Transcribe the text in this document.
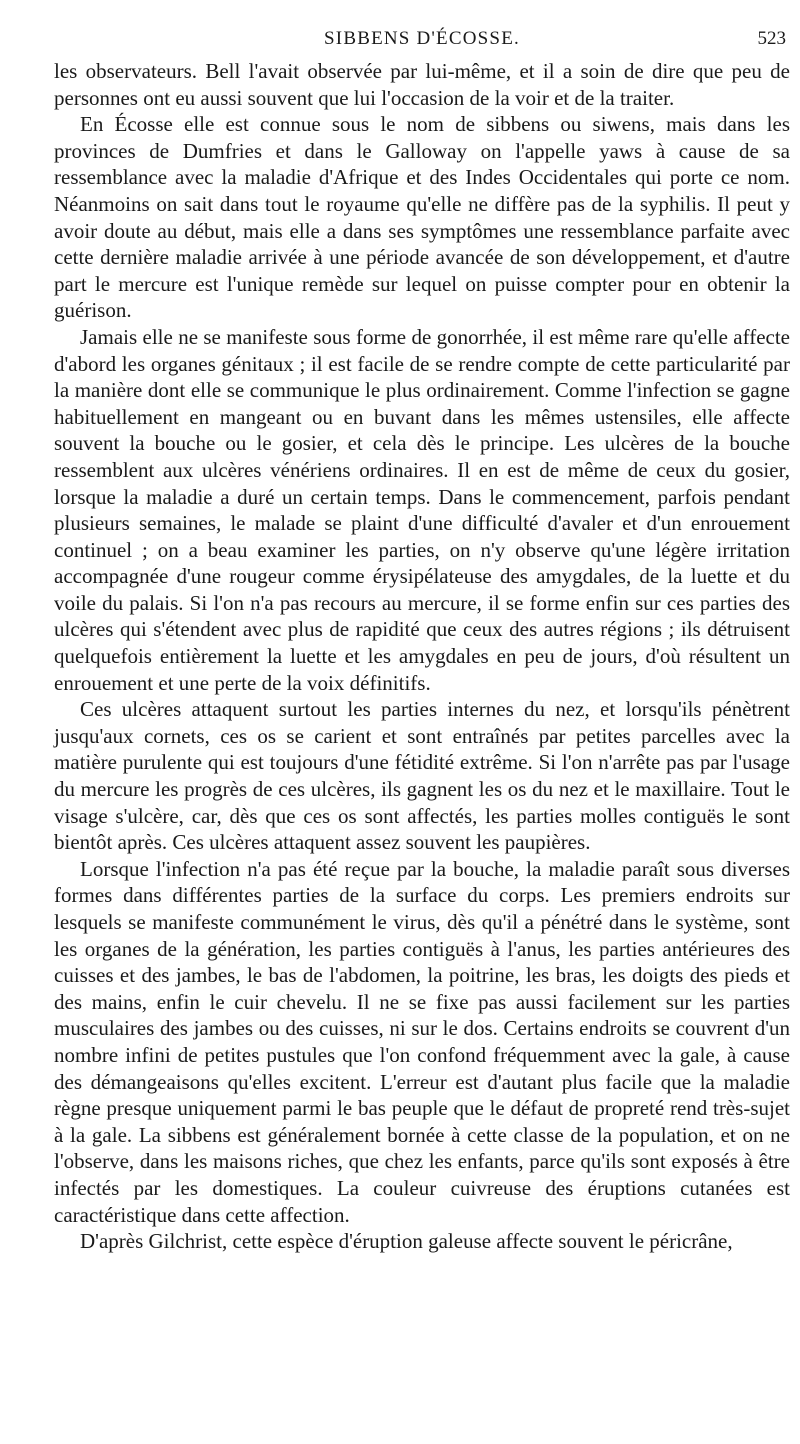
SIBBENS D'ÉCOSSE.	523

les observateurs. Bell l'avait observée par lui-même, et il a soin de dire que peu de personnes ont eu aussi souvent que lui l'occasion de la voir et de la traiter.

En Écosse elle est connue sous le nom de sibbens ou siwens, mais dans les provinces de Dumfries et dans le Galloway on l'appelle yaws à cause de sa ressemblance avec la maladie d'Afrique et des Indes Occidentales qui porte ce nom. Néanmoins on sait dans tout le royaume qu'elle ne diffère pas de la syphilis. Il peut y avoir doute au début, mais elle a dans ses symptômes une ressemblance parfaite avec cette dernière maladie arrivée à une période avancée de son développement, et d'autre part le mercure est l'unique remède sur lequel on puisse compter pour en obtenir la guérison.

Jamais elle ne se manifeste sous forme de gonorrhée, il est même rare qu'elle affecte d'abord les organes génitaux ; il est facile de se rendre compte de cette particularité par la manière dont elle se communique le plus ordinairement. Comme l'infection se gagne habituellement en mangeant ou en buvant dans les mêmes ustensiles, elle affecte souvent la bouche ou le gosier, et cela dès le principe. Les ulcères de la bouche ressemblent aux ulcères vénériens ordinaires. Il en est de même de ceux du gosier, lorsque la maladie a duré un certain temps. Dans le commencement, parfois pendant plusieurs semaines, le malade se plaint d'une difficulté d'avaler et d'un enrouement continuel ; on a beau examiner les parties, on n'y observe qu'une légère irritation accompagnée d'une rougeur comme érysipélateuse des amygdales, de la luette et du voile du palais. Si l'on n'a pas recours au mercure, il se forme enfin sur ces parties des ulcères qui s'étendent avec plus de rapidité que ceux des autres régions ; ils détruisent quelquefois entièrement la luette et les amygdales en peu de jours, d'où résultent un enrouement et une perte de la voix définitifs.

Ces ulcères attaquent surtout les parties internes du nez, et lorsqu'ils pénètrent jusqu'aux cornets, ces os se carient et sont entraînés par petites parcelles avec la matière purulente qui est toujours d'une fétidité extrême. Si l'on n'arrête pas par l'usage du mercure les progrès de ces ulcères, ils gagnent les os du nez et le maxillaire. Tout le visage s'ulcère, car, dès que ces os sont affectés, les parties molles contiguës le sont bientôt après. Ces ulcères attaquent assez souvent les paupières.

Lorsque l'infection n'a pas été reçue par la bouche, la maladie paraît sous diverses formes dans différentes parties de la surface du corps. Les premiers endroits sur lesquels se manifeste communément le virus, dès qu'il a pénétré dans le système, sont les organes de la génération, les parties contiguës à l'anus, les parties antérieures des cuisses et des jambes, le bas de l'abdomen, la poitrine, les bras, les doigts des pieds et des mains, enfin le cuir chevelu. Il ne se fixe pas aussi facilement sur les parties musculaires des jambes ou des cuisses, ni sur le dos. Certains endroits se couvrent d'un nombre infini de petites pustules que l'on confond fréquemment avec la gale, à cause des démangeaisons qu'elles excitent. L'erreur est d'autant plus facile que la maladie règne presque uniquement parmi le bas peuple que le défaut de propreté rend très-sujet à la gale. La sibbens est généralement bornée à cette classe de la population, et on ne l'observe, dans les maisons riches, que chez les enfants, parce qu'ils sont exposés à être infectés par les domestiques. La couleur cuivreuse des éruptions cutanées est caractéristique dans cette affection.

D'après Gilchrist, cette espèce d'éruption galeuse affecte souvent le péricrâne,
